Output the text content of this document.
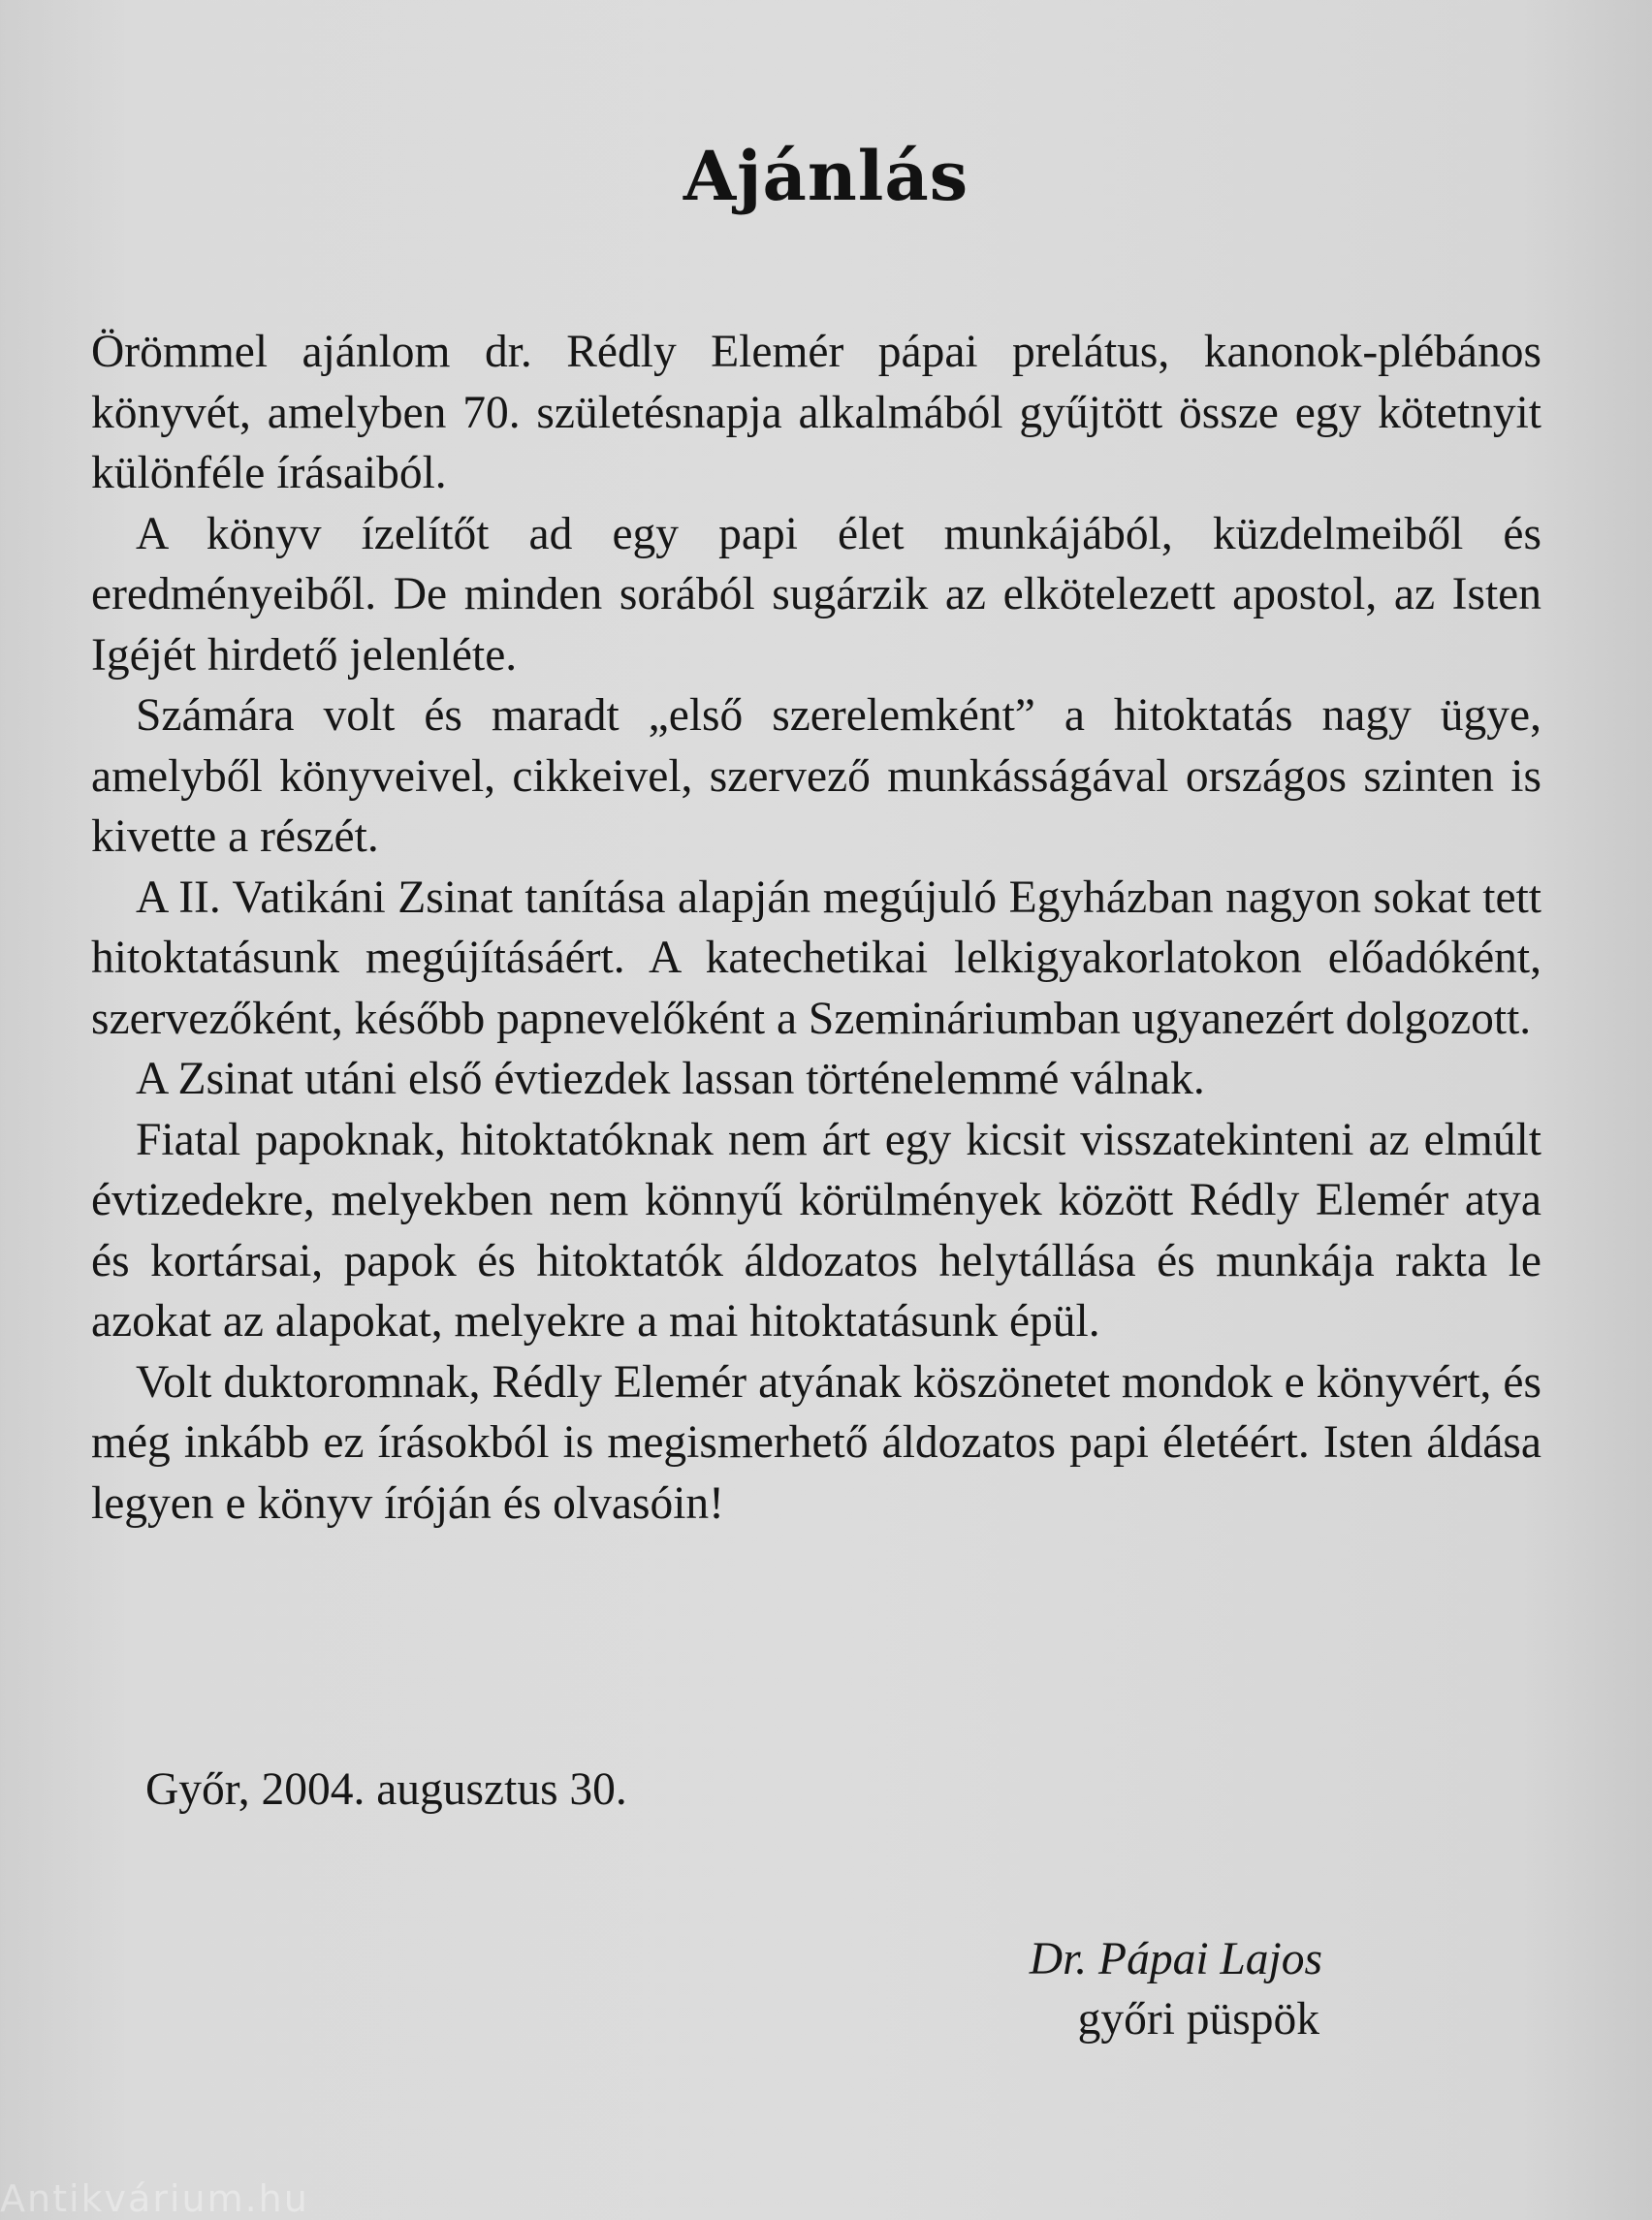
Ajánlás

Örömmel ajánlom dr. Rédly Elemér pápai prelátus, kanonok-plébános könyvét, amelyben 70. születésnapja alkalmából gyűjtött össze egy kötetnyit különféle írásaiból.

A könyv ízelítőt ad egy papi élet munkájából, küzdelmeiből és eredményeiből. De minden sorából sugárzik az elkötelezett apostol, az Isten Igéjét hirdető jelenléte.

Számára volt és maradt „első szerelemként” a hitoktatás nagy ügye, amelyből könyveivel, cikkeivel, szervező munkásságával országos szinten is kivette a részét.

A II. Vatikáni Zsinat tanítása alapján megújuló Egyházban nagyon sokat tett hitoktatásunk megújításáért. A katechetikai lelkigyakorlatokon előadóként, szervezőként, később papnevelőként a Szemináriumban ugyanezért dolgozott.

A Zsinat utáni első évtiezdek lassan történelemmé válnak.

Fiatal papoknak, hitoktatóknak nem árt egy kicsit visszatekinteni az elmúlt évtizedekre, melyekben nem könnyű körülmények között Rédly Elemér atya és kortársai, papok és hitoktatók áldozatos helytállása és munkája rakta le azokat az alapokat, melyekre a mai hitoktatásunk épül.

Volt duktoromnak, Rédly Elemér atyának köszönetet mondok e könyvért, és még inkább ez írásokból is megismerhető áldozatos papi életéért. Isten áldása legyen e könyv íróján és olvasóin!

Győr, 2004. augusztus 30.

Dr. Pápai Lajos
győri püspök
Antikvárium.hu
